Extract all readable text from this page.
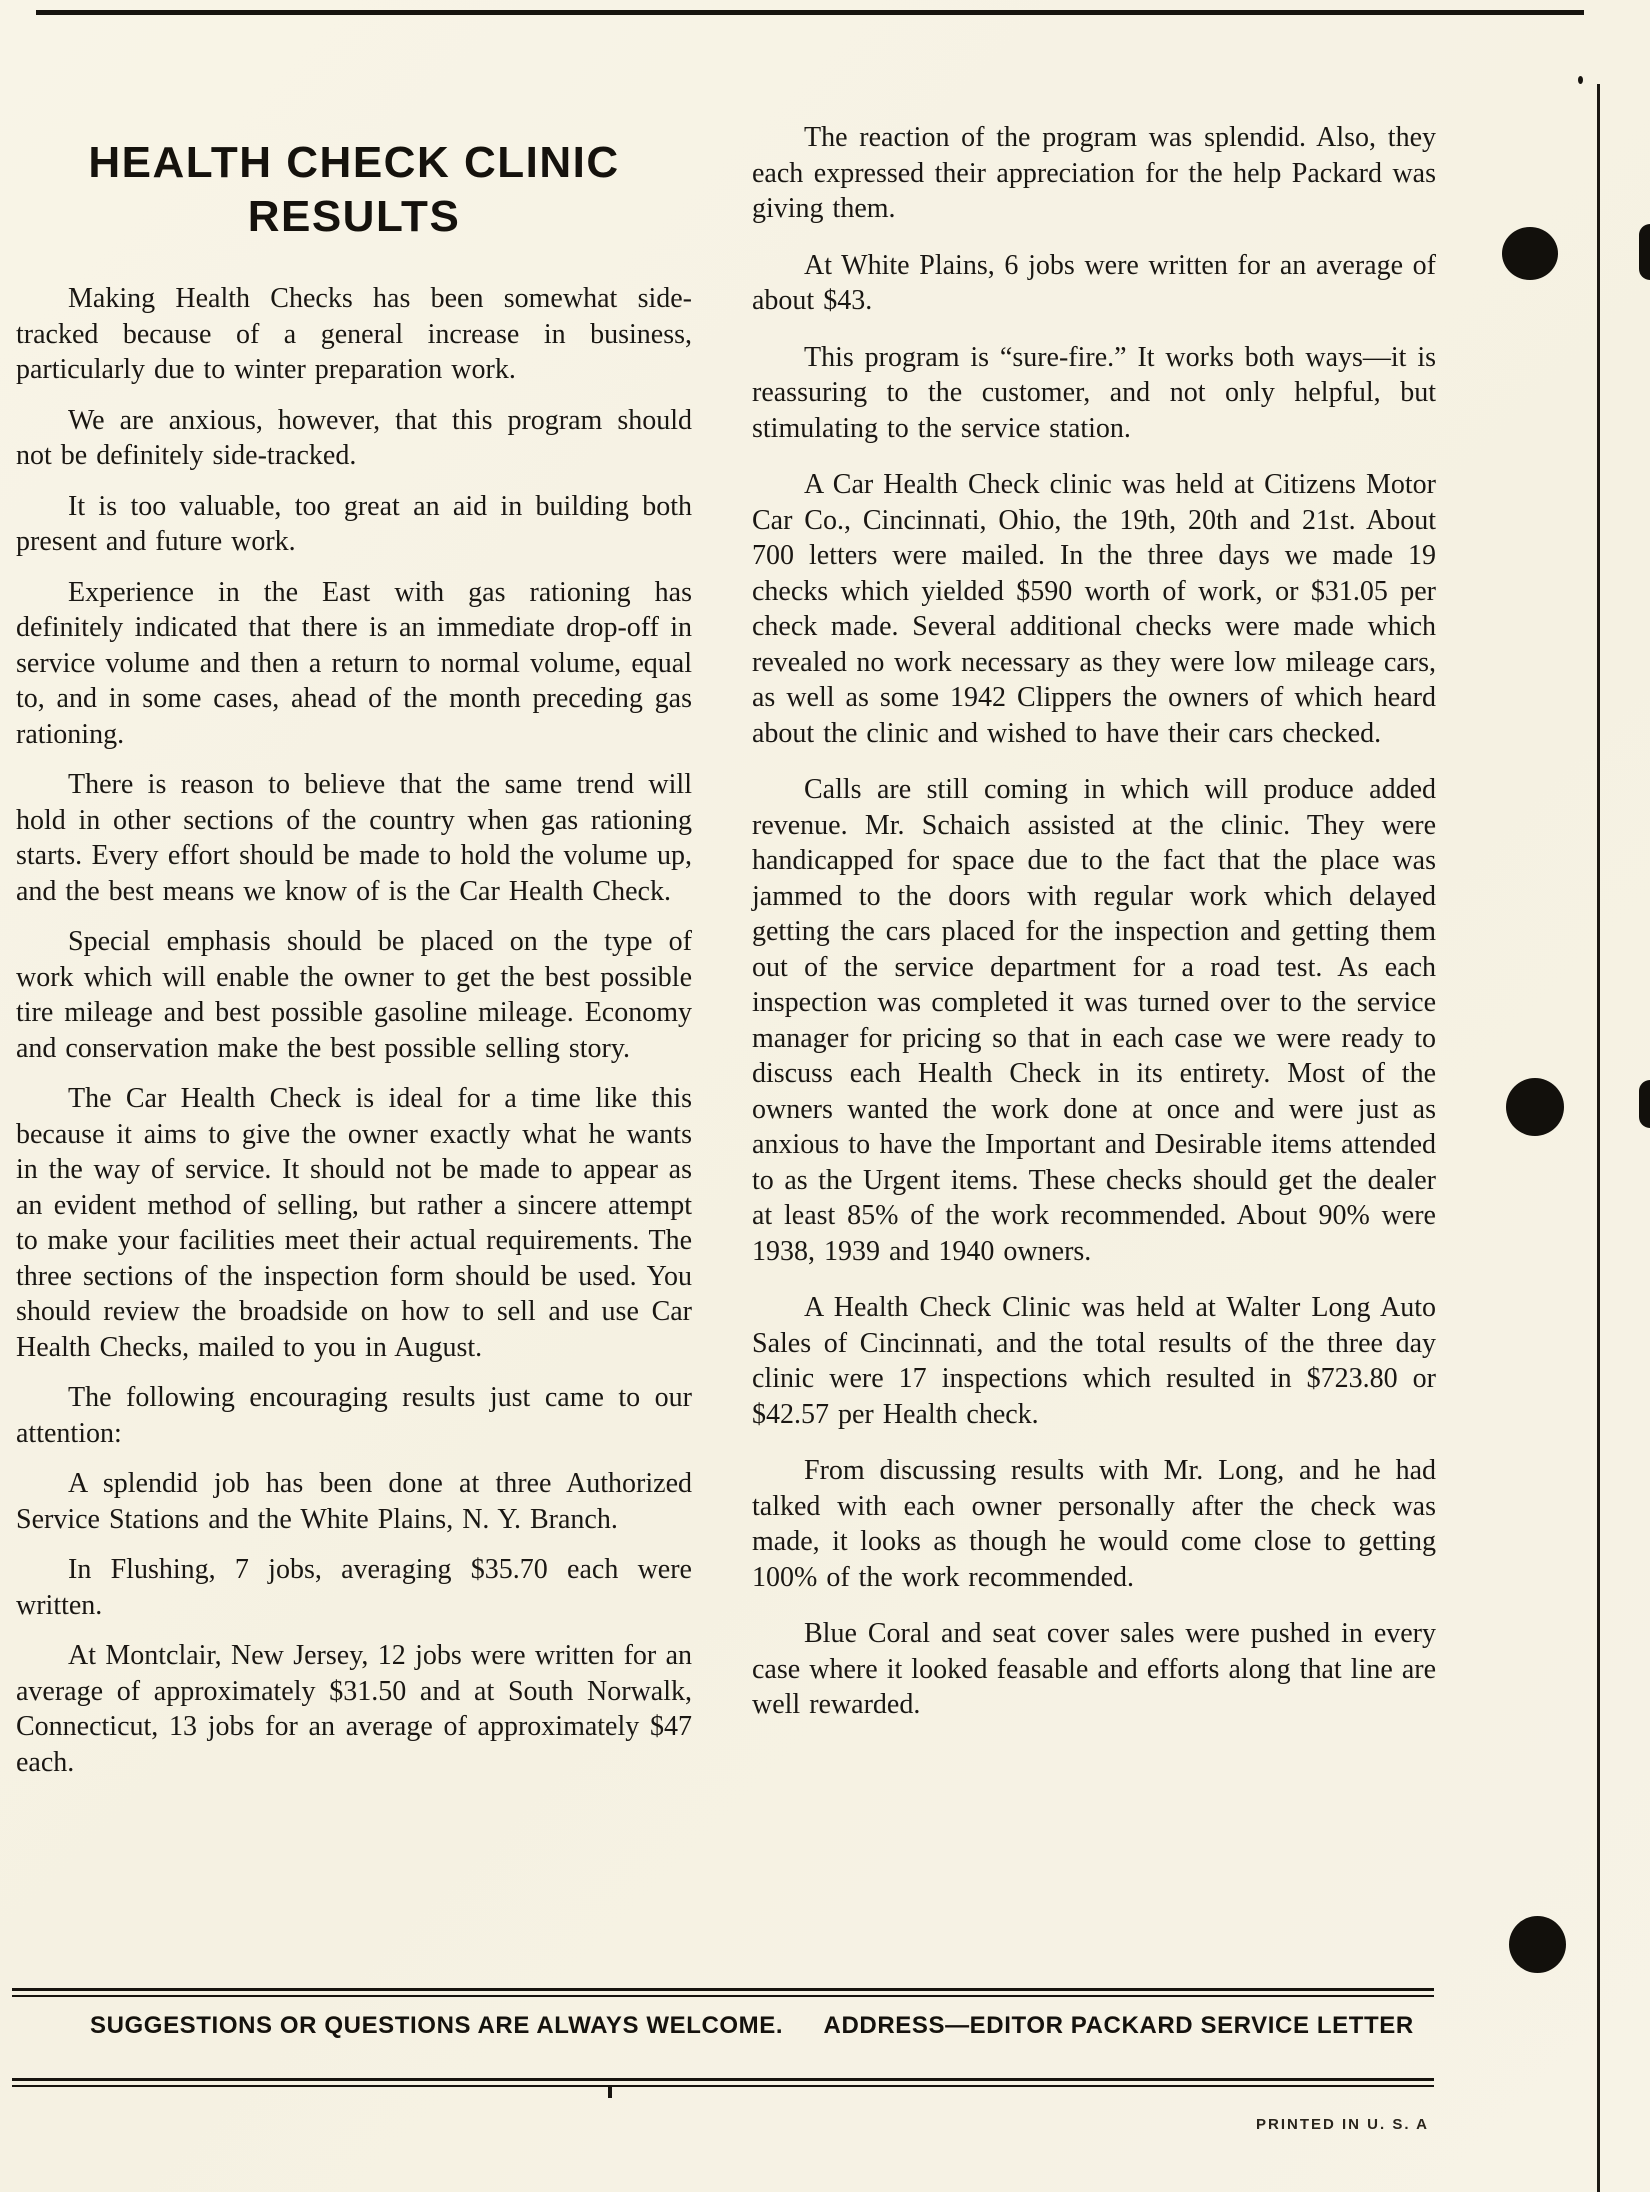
HEALTH CHECK CLINIC
RESULTS

Making Health Checks has been somewhat side-tracked because of a general increase in business, particularly due to winter preparation work.

We are anxious, however, that this program should not be definitely side-tracked.

It is too valuable, too great an aid in building both present and future work.

Experience in the East with gas rationing has definitely indicated that there is an immediate drop-off in service volume and then a return to normal volume, equal to, and in some cases, ahead of the month preceding gas rationing.

There is reason to believe that the same trend will hold in other sections of the country when gas rationing starts. Every effort should be made to hold the volume up, and the best means we know of is the Car Health Check.

Special emphasis should be placed on the type of work which will enable the owner to get the best possible tire mileage and best possible gasoline mileage. Economy and conservation make the best possible selling story.

The Car Health Check is ideal for a time like this because it aims to give the owner exactly what he wants in the way of service. It should not be made to appear as an evident method of selling, but rather a sincere attempt to make your facilities meet their actual requirements. The three sections of the inspection form should be used. You should review the broadside on how to sell and use Car Health Checks, mailed to you in August.

The following encouraging results just came to our attention:

A splendid job has been done at three Authorized Service Stations and the White Plains, N. Y. Branch.

In Flushing, 7 jobs, averaging $35.70 each were written.

At Montclair, New Jersey, 12 jobs were written for an average of approximately $31.50 and at South Norwalk, Connecticut, 13 jobs for an average of approximately $47 each.

The reaction of the program was splendid. Also, they each expressed their appreciation for the help Packard was giving them.

At White Plains, 6 jobs were written for an average of about $43.

This program is “sure-fire.” It works both ways—it is reassuring to the customer, and not only helpful, but stimulating to the service station.

A Car Health Check clinic was held at Citizens Motor Car Co., Cincinnati, Ohio, the 19th, 20th and 21st. About 700 letters were mailed. In the three days we made 19 checks which yielded $590 worth of work, or $31.05 per check made. Several additional checks were made which revealed no work necessary as they were low mileage cars, as well as some 1942 Clippers the owners of which heard about the clinic and wished to have their cars checked.

Calls are still coming in which will produce added revenue. Mr. Schaich assisted at the clinic. They were handicapped for space due to the fact that the place was jammed to the doors with regular work which delayed getting the cars placed for the inspection and getting them out of the service department for a road test. As each inspection was completed it was turned over to the service manager for pricing so that in each case we were ready to discuss each Health Check in its entirety. Most of the owners wanted the work done at once and were just as anxious to have the Important and Desirable items attended to as the Urgent items. These checks should get the dealer at least 85% of the work recommended. About 90% were 1938, 1939 and 1940 owners.

A Health Check Clinic was held at Walter Long Auto Sales of Cincinnati, and the total results of the three day clinic were 17 inspections which resulted in $723.80 or $42.57 per Health check.

From discussing results with Mr. Long, and he had talked with each owner personally after the check was made, it looks as though he would come close to getting 100% of the work recommended.

Blue Coral and seat cover sales were pushed in every case where it looked feasable and efforts along that line are well rewarded.

SUGGESTIONS OR QUESTIONS ARE ALWAYS WELCOME. ADDRESS—EDITOR PACKARD SERVICE LETTER
PRINTED IN U. S. A
